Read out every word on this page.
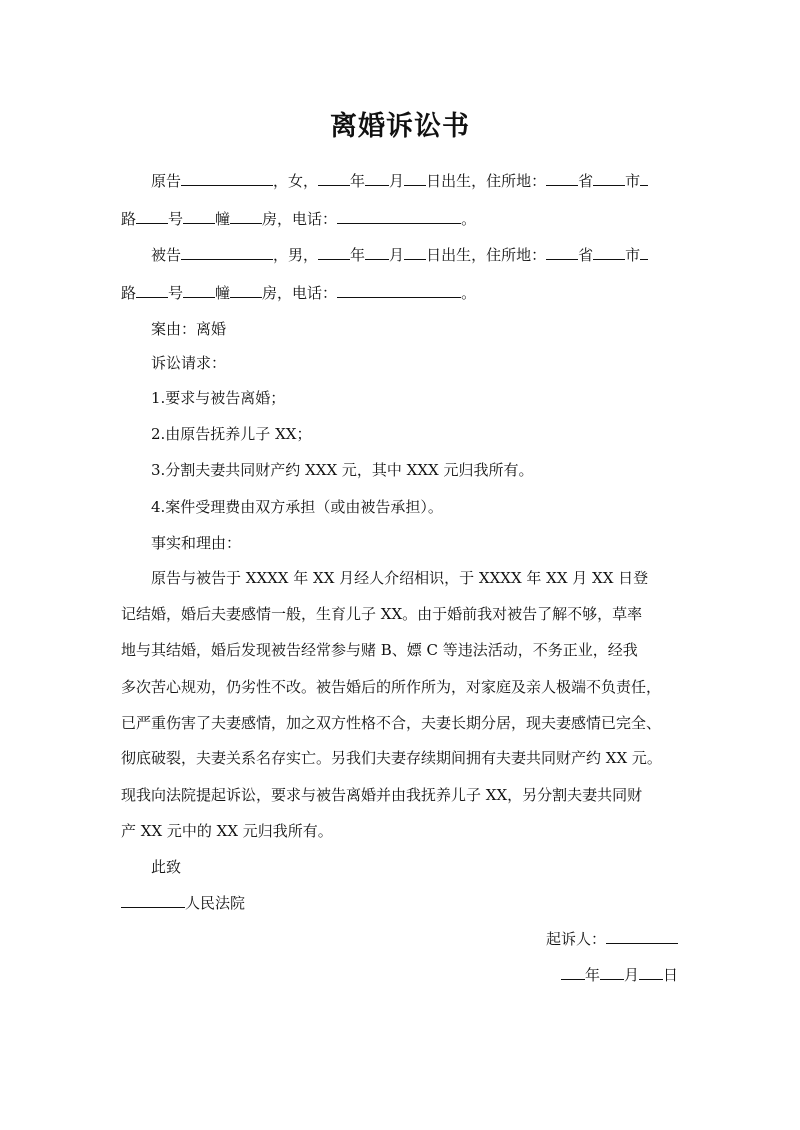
离婚诉讼书
原告	，女， 年 月 日出生，住所地： 省 市
路 号 幢 房，电话：	。
被告	，男， 年 月 日出生，住所地： 省 市
路 号 幢 房，电话：	。
案由：离婚
诉讼请求：
1.要求与被告离婚；
2.由原告抚养儿子 XX；
3.分割夫妻共同财产约 XXX 元，其中 XXX 元归我所有。
4.案件受理费由双方承担（或由被告承担）。
事实和理由：
原告与被告于 XXXX 年 XX 月经人介绍相识，于 XXXX 年 XX 月 XX 日登
记结婚，婚后夫妻感情一般，生育儿子 XX。由于婚前我对被告了解不够，草率
地与其结婚，婚后发现被告经常参与赌 B、嫖 C 等违法活动，不务正业，经我
多次苦心规劝，仍劣性不改。被告婚后的所作所为，对家庭及亲人极端不负责任，
已严重伤害了夫妻感情，加之双方性格不合，夫妻长期分居，现夫妻感情已完全、
彻底破裂，夫妻关系名存实亡。另我们夫妻存续期间拥有夫妻共同财产约 XX 元。
现我向法院提起诉讼，要求与被告离婚并由我抚养儿子 XX，另分割夫妻共同财
产 XX 元中的 XX 元归我所有。
此致
人民法院
起诉人：
年 月 日
